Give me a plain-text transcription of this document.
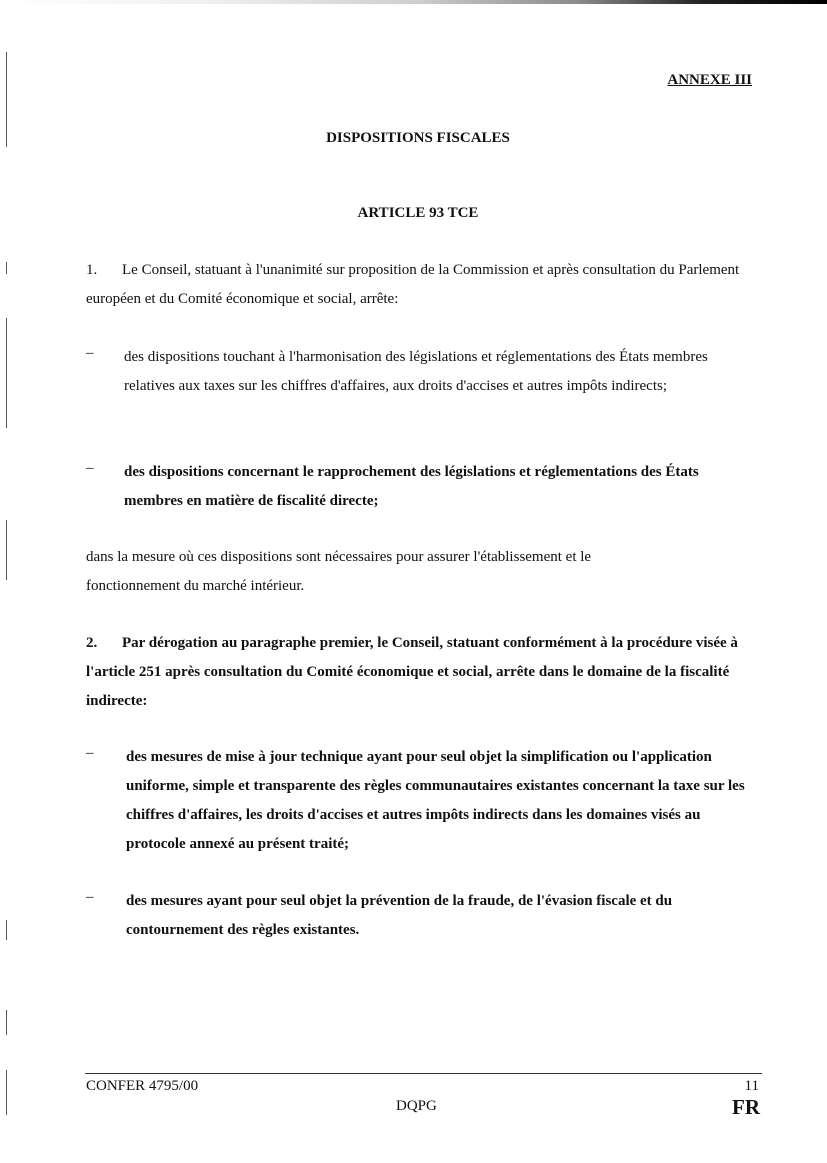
ANNEXE III
DISPOSITIONS FISCALES
ARTICLE 93 TCE

1. Le Conseil, statuant à l'unanimité sur proposition de la Commission et après consultation du Parlement européen et du Comité économique et social, arrête:

– des dispositions touchant à l'harmonisation des législations et réglementations des États membres relatives aux taxes sur les chiffres d'affaires, aux droits d'accises et autres impôts indirects;

– des dispositions concernant le rapprochement des législations et réglementations des États membres en matière de fiscalité directe;

dans la mesure où ces dispositions sont nécessaires pour assurer l'établissement et le fonctionnement du marché intérieur.

2. Par dérogation au paragraphe premier, le Conseil, statuant conformément à la procédure visée à l'article 251 après consultation du Comité économique et social, arrête dans le domaine de la fiscalité indirecte:

– des mesures de mise à jour technique ayant pour seul objet la simplification ou l'application uniforme, simple et transparente des règles communautaires existantes concernant la taxe sur les chiffres d'affaires, les droits d'accises et autres impôts indirects dans les domaines visés au protocole annexé au présent traité;

– des mesures ayant pour seul objet la prévention de la fraude, de l'évasion fiscale et du contournement des règles existantes.

CONFER 4795/00	11
DQPG	FR
